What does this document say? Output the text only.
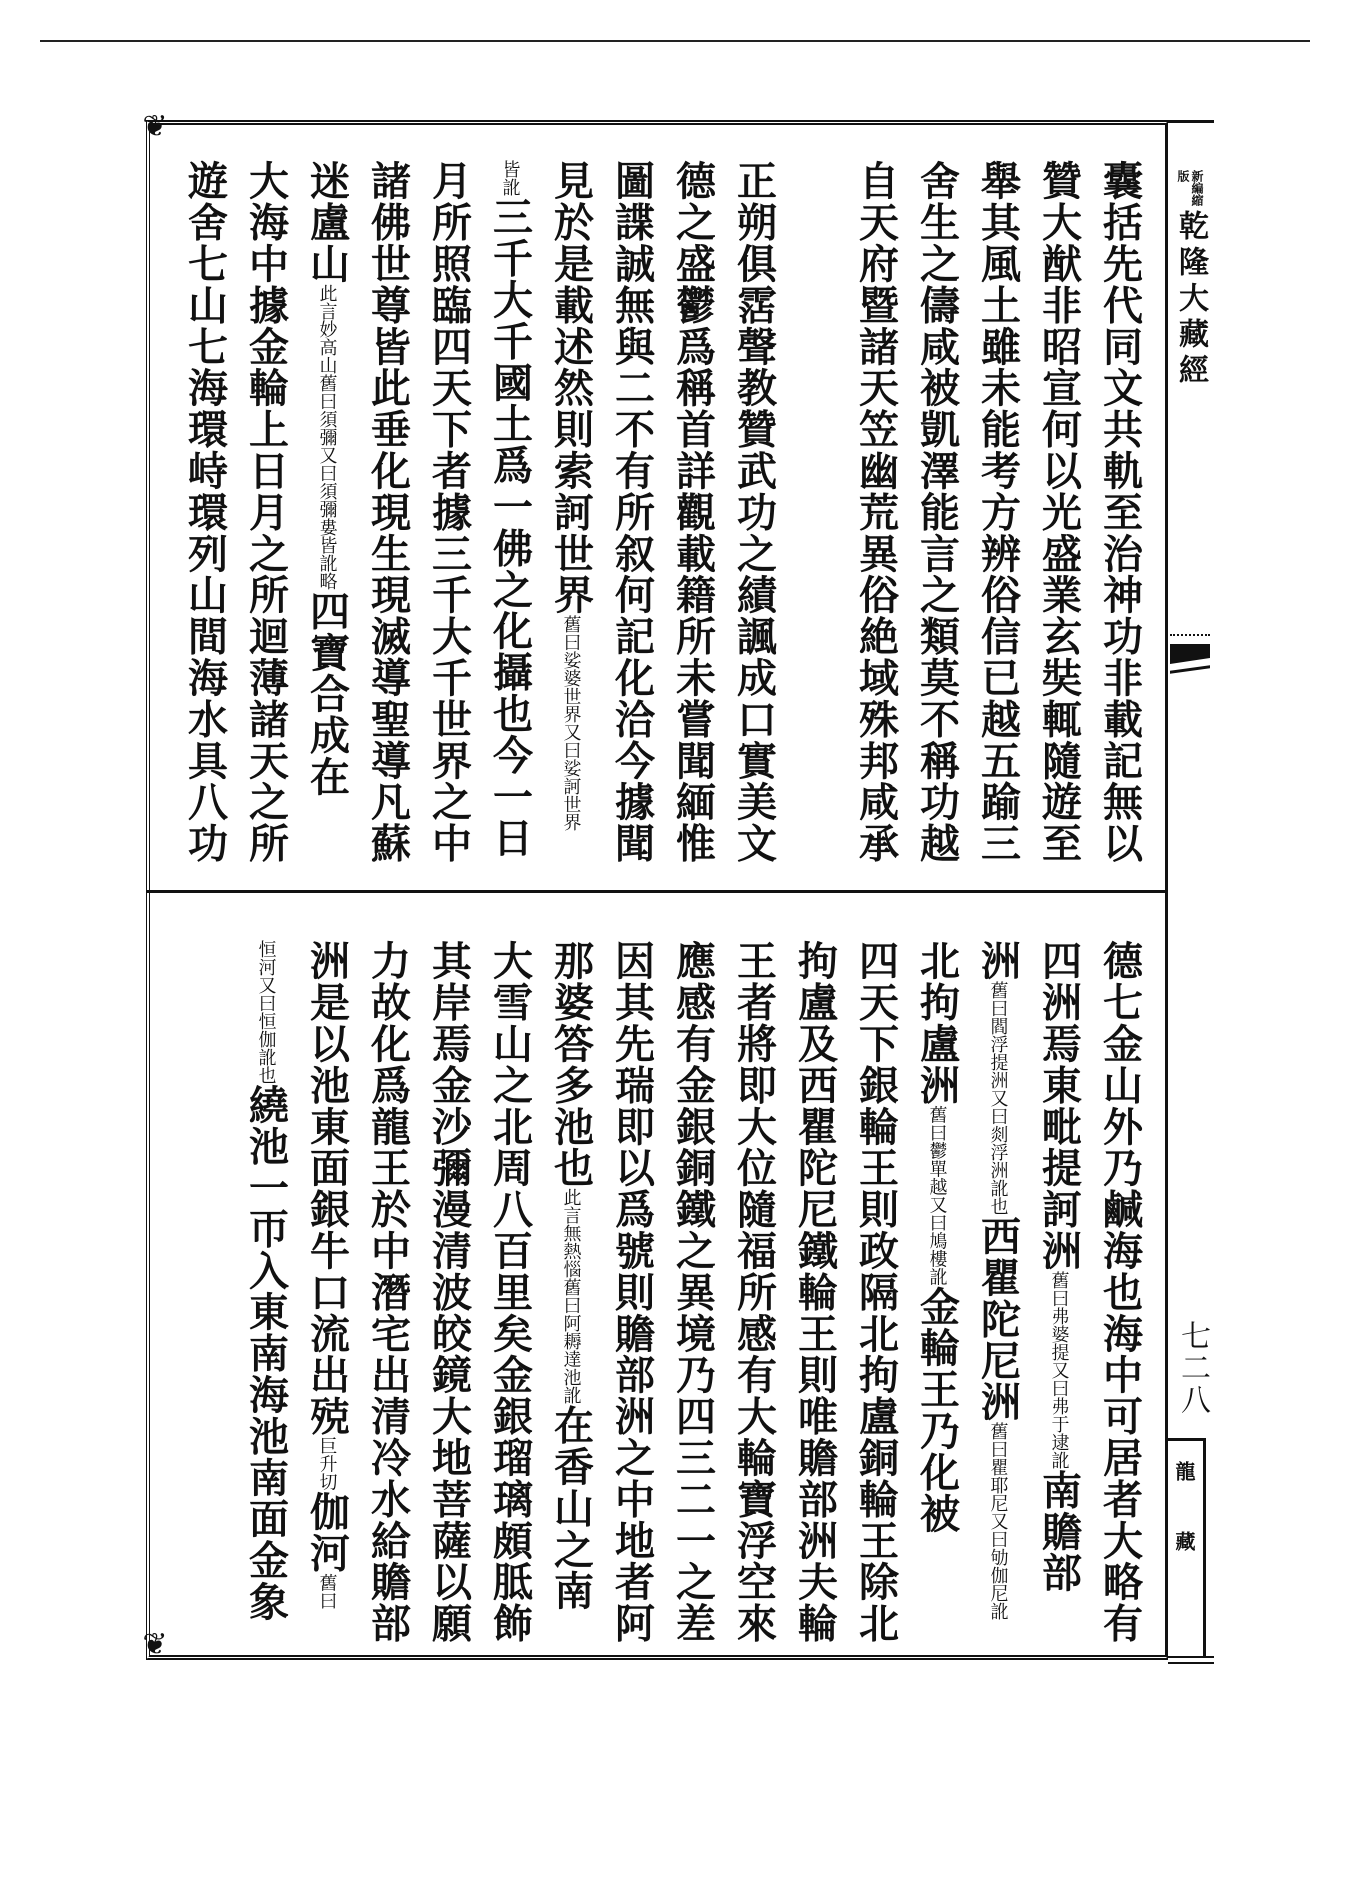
❦
❦
新編縮版
乾隆大藏經
七二八
龍藏
囊括先代同文共軌至治神功非載記無以
贊大猷非昭宣何以光盛業玄奘輒隨遊至
舉其風土雖未能考方辨俗信已越五踰三
舍生之儔咸被凱澤能言之類莫不稱功越
自天府暨諸天笠幽荒異俗絶域殊邦咸承
正朔俱霑聲教贊武功之績諷成口實美文
德之盛鬱爲稱首詳觀載籍所未嘗聞緬惟
圖諜誠無與二不有所叙何記化洽今據聞
見於是載述然則索訶世界舊曰娑婆世界又曰娑訶世界
皆訛三千大千國土爲一佛之化攝也今一日
月所照臨四天下者據三千大千世界之中
諸佛世尊皆此垂化現生現滅導聖導凡蘇
迷盧山此言妙高山舊曰須彌又曰須彌婁皆訛略四寶合成在
大海中據金輪上日月之所迴薄諸天之所
遊舍七山七海環峙環列山間海水具八功
德七金山外乃鹹海也海中可居者大略有
四洲焉東毗提訶洲舊曰弗婆提又曰弗于逮訛南贍部
洲舊曰閻浮提洲又曰剡浮洲訛也西瞿陀尼洲舊曰瞿耶尼又曰劬伽尼訛
北拘盧洲舊曰鬱單越又曰鳩樓訛金輪王乃化被
四天下銀輪王則政隔北拘盧銅輪王除北
拘盧及西瞿陀尼鐵輪王則唯贍部洲夫輪
王者將即大位隨福所感有大輪寶浮空來
應感有金銀銅鐵之異境乃四三二一之差
因其先瑞即以爲號則贍部洲之中地者阿
那婆答多池也此言無熱惱舊曰阿耨達池訛在香山之南
大雪山之北周八百里矣金銀瑠璃頗胝飾
其岸焉金沙彌漫清波皎鏡大地菩薩以願
力故化爲龍王於中潛宅出清冷水給贍部
洲是以池東面銀牛口流出殑巨升切伽河舊曰
恒河又曰恒伽訛也繞池一帀入東南海池南面金象
